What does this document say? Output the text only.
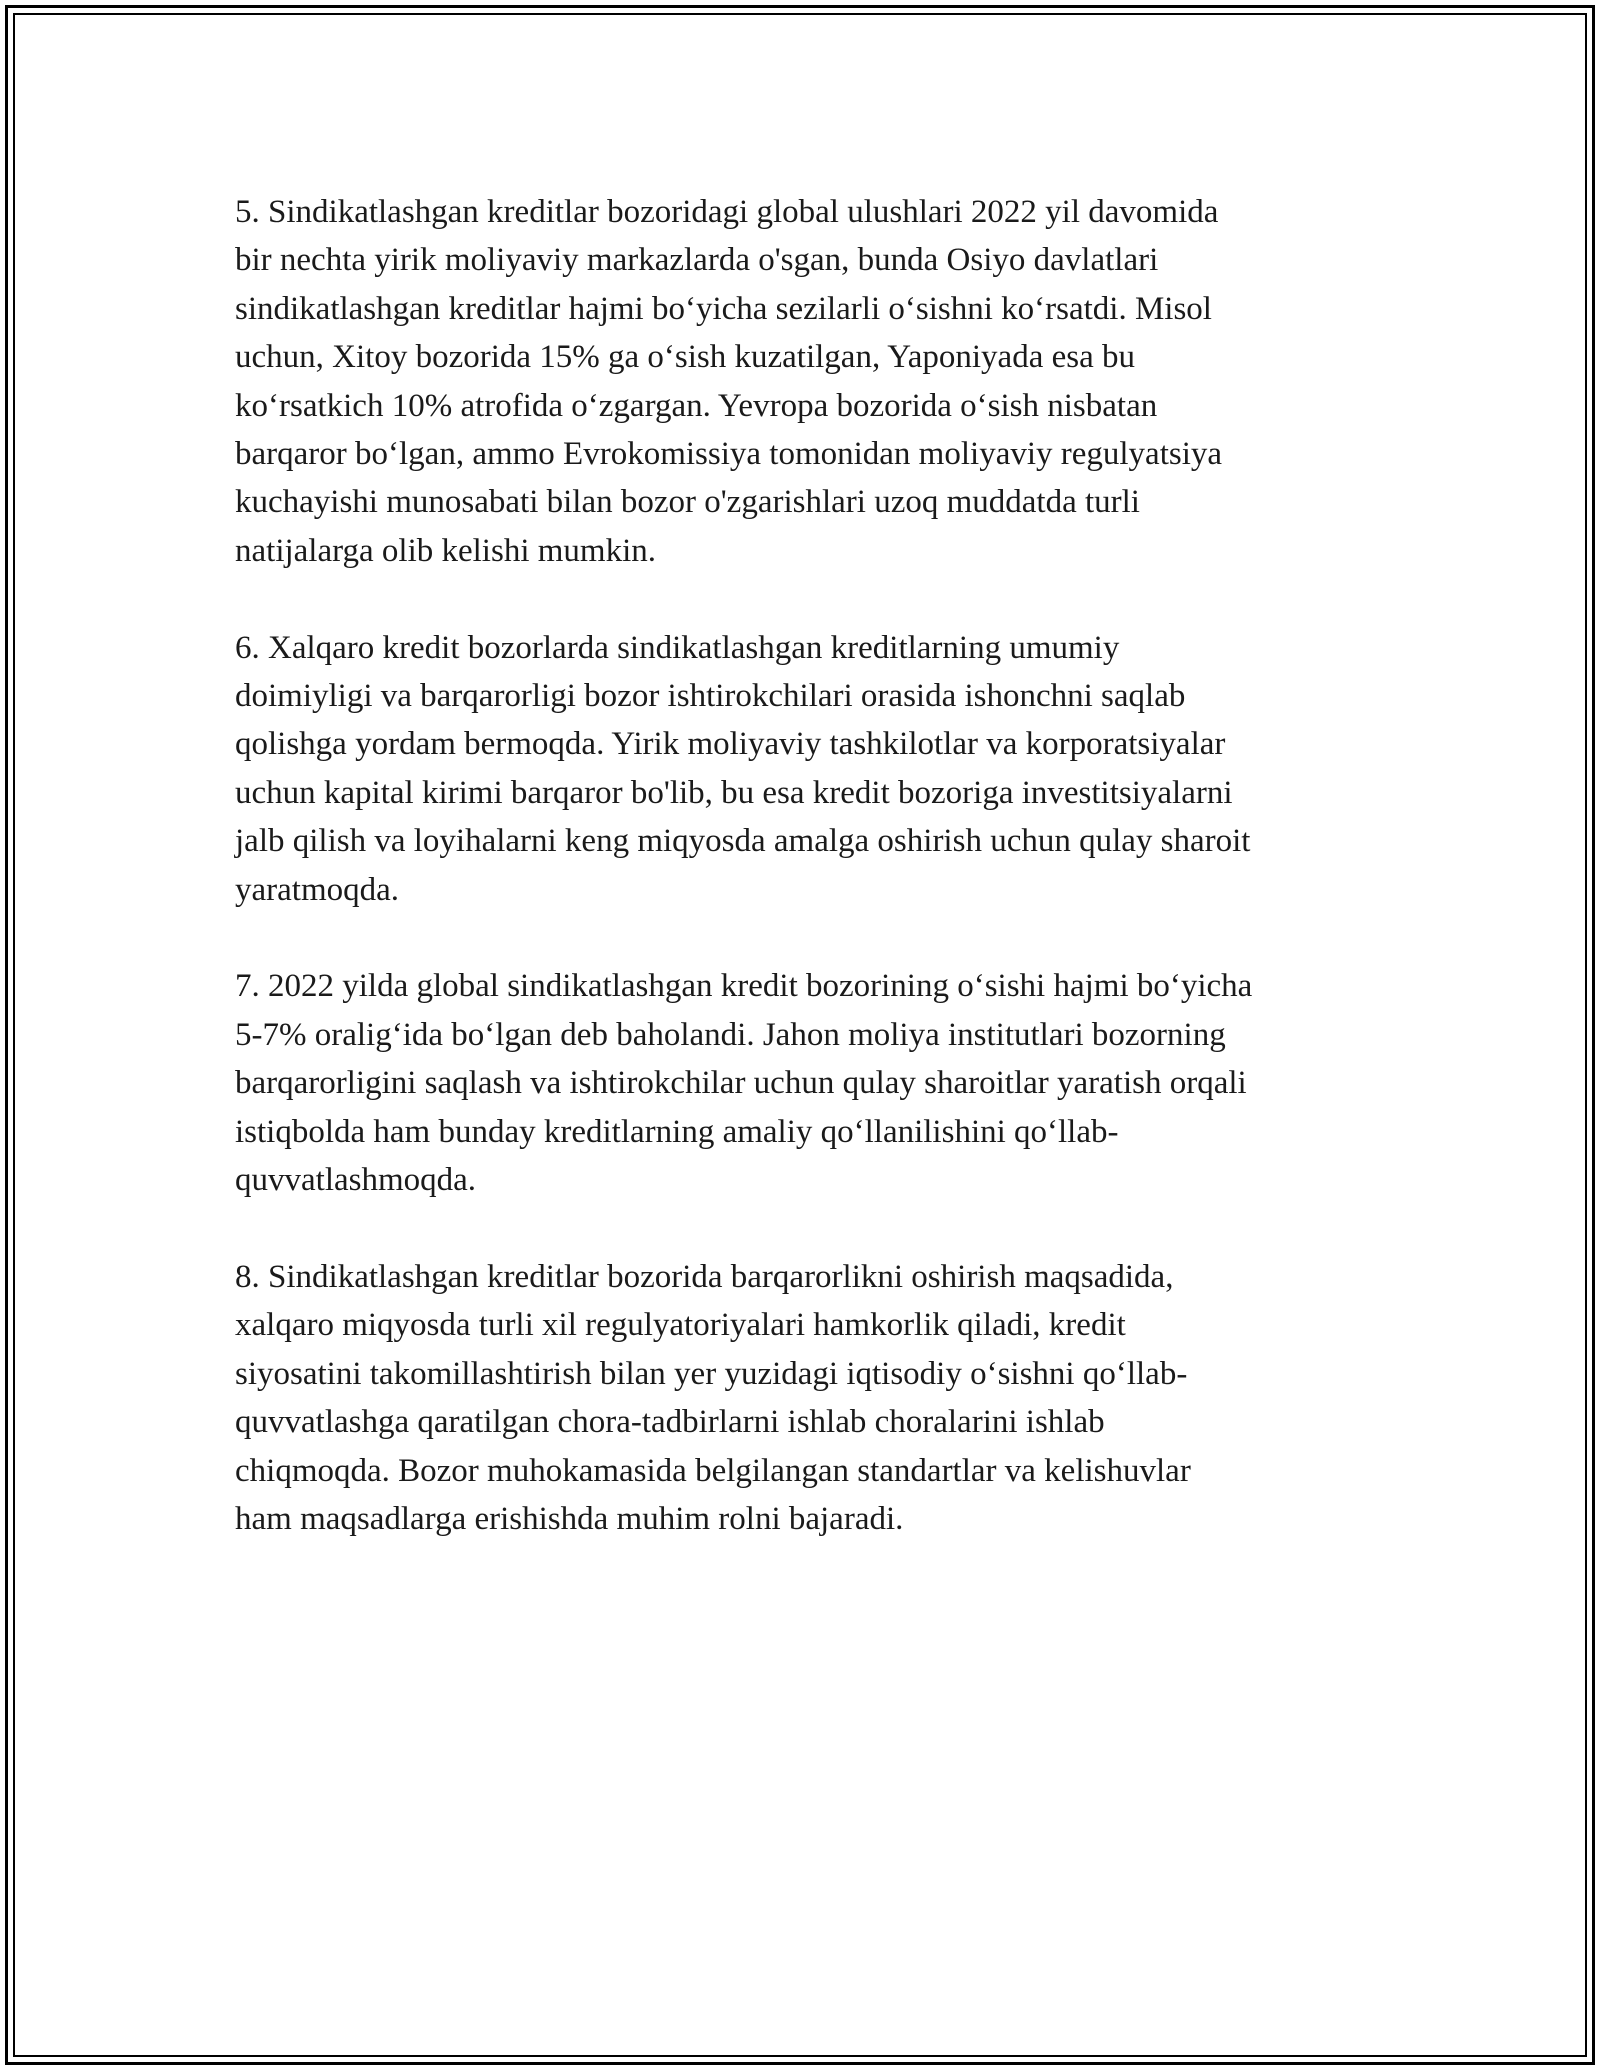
5. Sindikatlashgan kreditlar bozoridagi global ulushlari 2022 yil davomida
bir nechta yirik moliyaviy markazlarda o'sgan, bunda Osiyo davlatlari
sindikatlashgan kreditlar hajmi boʻyicha sezilarli oʻsishni koʻrsatdi. Misol
uchun, Xitoy bozorida 15% ga oʻsish kuzatilgan, Yaponiyada esa bu
koʻrsatkich 10% atrofida oʻzgargan. Yevropa bozorida oʻsish nisbatan
barqaror boʻlgan, ammo Evrokomissiya tomonidan moliyaviy regulyatsiya
kuchayishi munosabati bilan bozor o'zgarishlari uzoq muddatda turli
natijalarga olib kelishi mumkin.

6. Xalqaro kredit bozorlarda sindikatlashgan kreditlarning umumiy
doimiyligi va barqarorligi bozor ishtirokchilari orasida ishonchni saqlab
qolishga yordam bermoqda. Yirik moliyaviy tashkilotlar va korporatsiyalar
uchun kapital kirimi barqaror bo'lib, bu esa kredit bozoriga investitsiyalarni
jalb qilish va loyihalarni keng miqyosda amalga oshirish uchun qulay sharoit
yaratmoqda.

7. 2022 yilda global sindikatlashgan kredit bozorining oʻsishi hajmi boʻyicha
5-7% oraligʻida boʻlgan deb baholandi. Jahon moliya institutlari bozorning
barqarorligini saqlash va ishtirokchilar uchun qulay sharoitlar yaratish orqali
istiqbolda ham bunday kreditlarning amaliy qoʻllanilishini qoʻllab-
quvvatlashmoqda.

8. Sindikatlashgan kreditlar bozorida barqarorlikni oshirish maqsadida,
xalqaro miqyosda turli xil regulyatoriyalari hamkorlik qiladi, kredit
siyosatini takomillashtirish bilan yer yuzidagi iqtisodiy oʻsishni qoʻllab-
quvvatlashga qaratilgan chora-tadbirlarni ishlab choralarini ishlab
chiqmoqda. Bozor muhokamasida belgilangan standartlar va kelishuvlar
ham maqsadlarga erishishda muhim rolni bajaradi.
